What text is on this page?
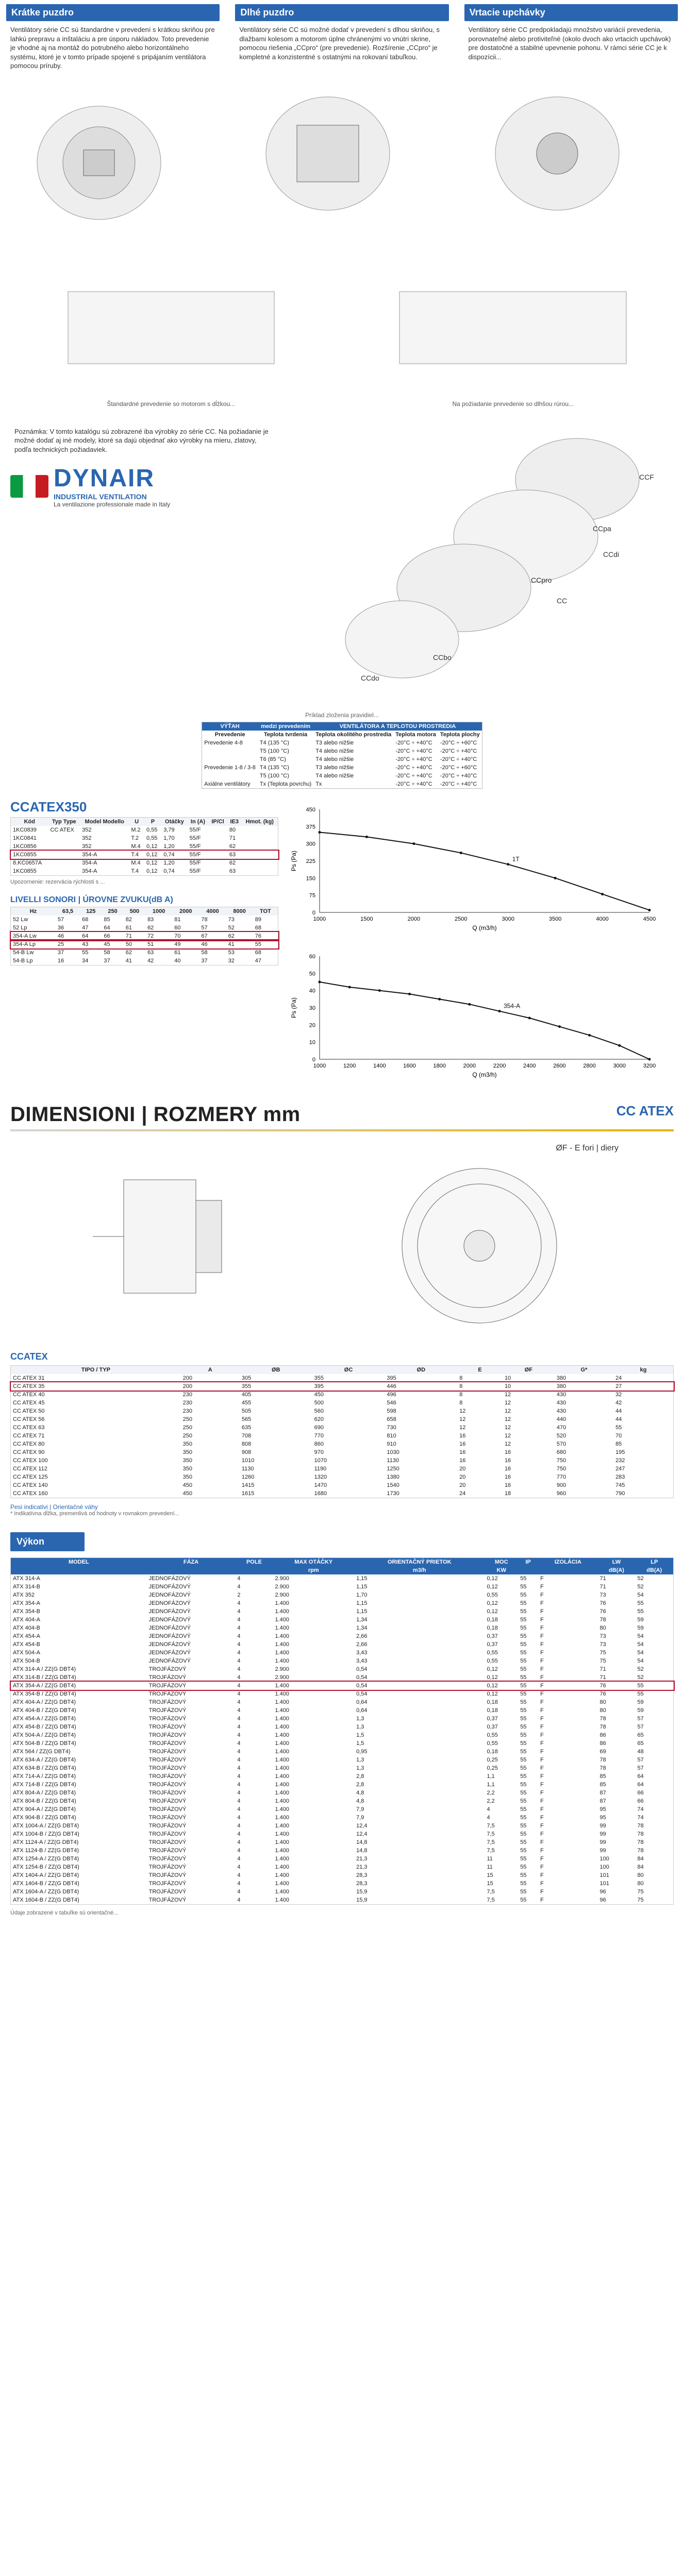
Krátke puzdro
Ventilátory série CC sú štandardne v prevedení s krátkou skriňou pre lahkú prepravu a inštaláciu a pre úsporu nákladov. Toto prevedenie je vhodné aj na montáž do potrubného alebo horizontálneho systému, ktoré je v tomto prípade spojené s pripájaním ventilátora pomocou príruby.
Dlhé puzdro
Ventilátory série CC sú možné dodať v prevedení s dlhou skriňou, s dlažbami kolesom a motorom úplne chránenými vo vnútri skrine, pomocou riešenia „CCpro“ (pre prevedenie). Rozšírenie „CCpro“ je kompletné a konzistentné s ostatnými na rokovaní tabuľkou.
Vrtacie upchávky
Ventilátory série CC predpokladajú množstvo variácií prevedenia, porovnateľné alebo protiviteľné (okolo dvoch ako vrtacich upchávok) pre dostatočné a stabilné upevnenie pohonu. V rámci série CC je k dispozícii...
Štandardné prevedenie so motorom s dĺžkou...	Na požiadanie prevedenie so dlhšou rúrou...
Poznámka: V tomto katalógu sú zobrazené iba výrobky zo série CC. Na požiadanie je možné dodať aj iné modely, ktoré sa dajú objednať ako výrobky na mieru, zlatovy, podľa technických požiadaviek.
DYNAIR
INDUSTRIAL VENTILATION
La ventilazione professionale made in Italy
CCF
CCpa
CCdi
CCpro
CC
CCbo
CCdo
Príklad zloženia pravidiel...
VÝŤAH	medzi prevedením	VENTILÁTORA A TEPLOTOU PROSTREDIA		
Prevedenie	Teplota tvrdenia	Teplota okolitého prostredia	Teplota motora	Teplota plochy
Prevedenie 4-8	T4 (135 °C)	T3 alebo nižšie	-20°C ÷ +40°C	-20°C ÷ +60°C
	T5 (100 °C)	T4 alebo nižšie	-20°C ÷ +40°C	-20°C ÷ +40°C
	T6 (85 °C)	T4 alebo nižšie	-20°C ÷ +40°C	-20°C ÷ +40°C
Prevedenie 1-8 / 3-8	T4 (135 °C)	T3 alebo nižšie	-20°C ÷ +40°C	-20°C ÷ +60°C
	T5 (100 °C)	T4 alebo nižšie	-20°C ÷ +40°C	-20°C ÷ +40°C
Axiálne ventilátory	Tx (Teplota povrchu)	Tx	-20°C ÷ +40°C	-20°C ÷ +40°C
CCATEX350
Kód	Typ Type	Model Modello	U	P	Otáčky	In (A)	IP/Cl	IE3	Hmot. (kg)
1KC0839	CC ATEX	352	M.2	0,55	3,79	55/F		80	
1KC0841		352	T.2	0,55	1,70	55/F		71	
1KC0856		352	M.4	0,12	1,20	55/F		62	
1KC0855		354-A	T.4	0,12	0,74	55/F		63	
8.KC0657A		354-A	M.4	0,12	1,20	55/F		62	
1KC0855		354-A	T.4	0,12	0,74	55/F		63	
Upozornenie: rezervácia rýchlosti s ...
LIVELLI SONORI | ÚROVNE ZVUKU(dB A)
Hz	63,5	125	250	500	1000	2000	4000	8000	TOT
52 Lw	57	68	85	82	83	81	78	73	89
52 Lp	36	47	64	61	62	60	57	52	68
354-A Lw	46	64	66	71	72	70	67	62	76
354-A Lp	25	43	45	50	51	49	46	41	55
54-B Lw	37	55	58	62	63	61	58	53	68
54-B Lp	16	34	37	41	42	40	37	32	47
1000	1500	2000	2500	3000	3500	4000	4500
0
75
150
225
300
375
450
1T
Q (m3/h)
Ps (Pa)

1000	1200	1400	1600	1800	2000	2200	2400	2600	2800	3000	3200
0
10
20
30
40
50
60
354-A
Q (m3/h)
Ps (Pa)
DIMENSIONI | ROZMERY mm	CC ATEX
ØF - E fori | diery
CCATEX
TIPO / TYP	A	ØB	ØC	ØD	E	ØF	G*	kg
CC ATEX 31	200	305	355	395	8	10	380	24
CC ATEX 35	200	355	395	446	8	10	380	27
CC ATEX 40	230	405	450	496	8	12	430	32
CC ATEX 45	230	455	500	546	8	12	430	42
CC ATEX 50	230	505	560	598	12	12	430	44
CC ATEX 56	250	565	620	658	12	12	440	44
CC ATEX 63	250	635	690	730	12	12	470	55
CC ATEX 71	250	708	770	810	16	12	520	70
CC ATEX 80	350	808	860	910	16	12	570	85
CC ATEX 90	350	908	970	1030	16	16	680	195
CC ATEX 100	350	1010	1070	1130	16	16	750	232
CC ATEX 112	350	1130	1190	1250	20	16	750	247
CC ATEX 125	350	1260	1320	1380	20	16	770	283
CC ATEX 140	450	1415	1470	1540	20	16	900	745
CC ATEX 160	450	1615	1680	1730	24	18	960	790
Pesi indicativi | Orientačné váhy
* Indikatívna dĺžka, premenlivá od hodnoty v rovnakom prevedení...
Výkon
MODEL	FÁZA	POLE	MAX OTÁČKY	ORIENTAČNÝ PRIETOK	MOC	IP	IZOLÁCIA	LW	LP
			rpm	m3/h	KW			dB(A)	dB(A)
ATX 314-A	JEDNOFÁZOVÝ	4	2.900	1,15	0,12	55	F	71	52
ATX 314-B	JEDNOFÁZOVÝ	4	2.900	1,15	0,12	55	F	71	52
ATX 352	JEDNOFÁZOVÝ	2	2.900	1,70	0,55	55	F	73	54
ATX 354-A	JEDNOFÁZOVÝ	4	1.400	1,15	0,12	55	F	76	55
ATX 354-B	JEDNOFÁZOVÝ	4	1.400	1,15	0,12	55	F	76	55
ATX 404-A	JEDNOFÁZOVÝ	4	1.400	1,34	0,18	55	F	78	59
ATX 404-B	JEDNOFÁZOVÝ	4	1.400	1,34	0,18	55	F	80	59
ATX 454-A	JEDNOFÁZOVÝ	4	1.400	2,66	0,37	55	F	73	54
ATX 454-B	JEDNOFÁZOVÝ	4	1.400	2,66	0,37	55	F	73	54
ATX 504-A	JEDNOFÁZOVÝ	4	1.400	3,43	0,55	55	F	75	54
ATX 504-B	JEDNOFÁZOVÝ	4	1.400	3,43	0,55	55	F	75	54
ATX 314-A / ZZ(G DBT4)	TROJFÁZOVÝ	4	2.900	0,54	0,12	55	F	71	52
ATX 314-B / ZZ(G DBT4)	TROJFÁZOVÝ	4	2.900	0,54	0,12	55	F	71	52
ATX 354-A / ZZ(G DBT4)	TROJFÁZOVÝ	4	1.400	0,54	0,12	55	F	76	55
ATX 354-B / ZZ(G DBT4)	TROJFÁZOVÝ	4	1.400	0,54	0,12	55	F	76	55
ATX 404-A / ZZ(G DBT4)	TROJFÁZOVÝ	4	1.400	0,64	0,18	55	F	80	59
ATX 404-B / ZZ(G DBT4)	TROJFÁZOVÝ	4	1.400	0,64	0,18	55	F	80	59
ATX 454-A / ZZ(G DBT4)	TROJFÁZOVÝ	4	1.400	1,3	0,37	55	F	78	57
ATX 454-B / ZZ(G DBT4)	TROJFÁZOVÝ	4	1.400	1,3	0,37	55	F	78	57
ATX 504-A / ZZ(G DBT4)	TROJFÁZOVÝ	4	1.400	1,5	0,55	55	F	86	65
ATX 504-B / ZZ(G DBT4)	TROJFÁZOVÝ	4	1.400	1,5	0,55	55	F	86	65
ATX 564 / ZZ(G DBT4)	TROJFÁZOVÝ	4	1.400	0,95	0,18	55	F	69	48
ATX 634-A / ZZ(G DBT4)	TROJFÁZOVÝ	4	1.400	1,3	0,25	55	F	78	57
ATX 634-B / ZZ(G DBT4)	TROJFÁZOVÝ	4	1.400	1,3	0,25	55	F	78	57
ATX 714-A / ZZ(G DBT4)	TROJFÁZOVÝ	4	1.400	2,8	1,1	55	F	85	64
ATX 714-B / ZZ(G DBT4)	TROJFÁZOVÝ	4	1.400	2,8	1,1	55	F	85	64
ATX 804-A / ZZ(G DBT4)	TROJFÁZOVÝ	4	1.400	4,8	2,2	55	F	87	66
ATX 804-B / ZZ(G DBT4)	TROJFÁZOVÝ	4	1.400	4,8	2,2	55	F	87	66
ATX 904-A / ZZ(G DBT4)	TROJFÁZOVÝ	4	1.400	7,9	4	55	F	95	74
ATX 904-B / ZZ(G DBT4)	TROJFÁZOVÝ	4	1.400	7,9	4	55	F	95	74
ATX 1004-A / ZZ(G DBT4)	TROJFÁZOVÝ	4	1.400	12,4	7,5	55	F	99	78
ATX 1004-B / ZZ(G DBT4)	TROJFÁZOVÝ	4	1.400	12,4	7,5	55	F	99	78
ATX 1124-A / ZZ(G DBT4)	TROJFÁZOVÝ	4	1.400	14,8	7,5	55	F	99	78
ATX 1124-B / ZZ(G DBT4)	TROJFÁZOVÝ	4	1.400	14,8	7,5	55	F	99	78
ATX 1254-A / ZZ(G DBT4)	TROJFÁZOVÝ	4	1.400	21,3	11	55	F	100	84
ATX 1254-B / ZZ(G DBT4)	TROJFÁZOVÝ	4	1.400	21,3	11	55	F	100	84
ATX 1404-A / ZZ(G DBT4)	TROJFÁZOVÝ	4	1.400	28,3	15	55	F	101	80
ATX 1404-B / ZZ(G DBT4)	TROJFÁZOVÝ	4	1.400	28,3	15	55	F	101	80
ATX 1604-A / ZZ(G DBT4)	TROJFÁZOVÝ	4	1.400	15,9	7,5	55	F	96	75
ATX 1604-B / ZZ(G DBT4)	TROJFÁZOVÝ	4	1.400	15,9	7,5	55	F	96	75
Údaje zobrazené v tabuľke sú orientačné...
